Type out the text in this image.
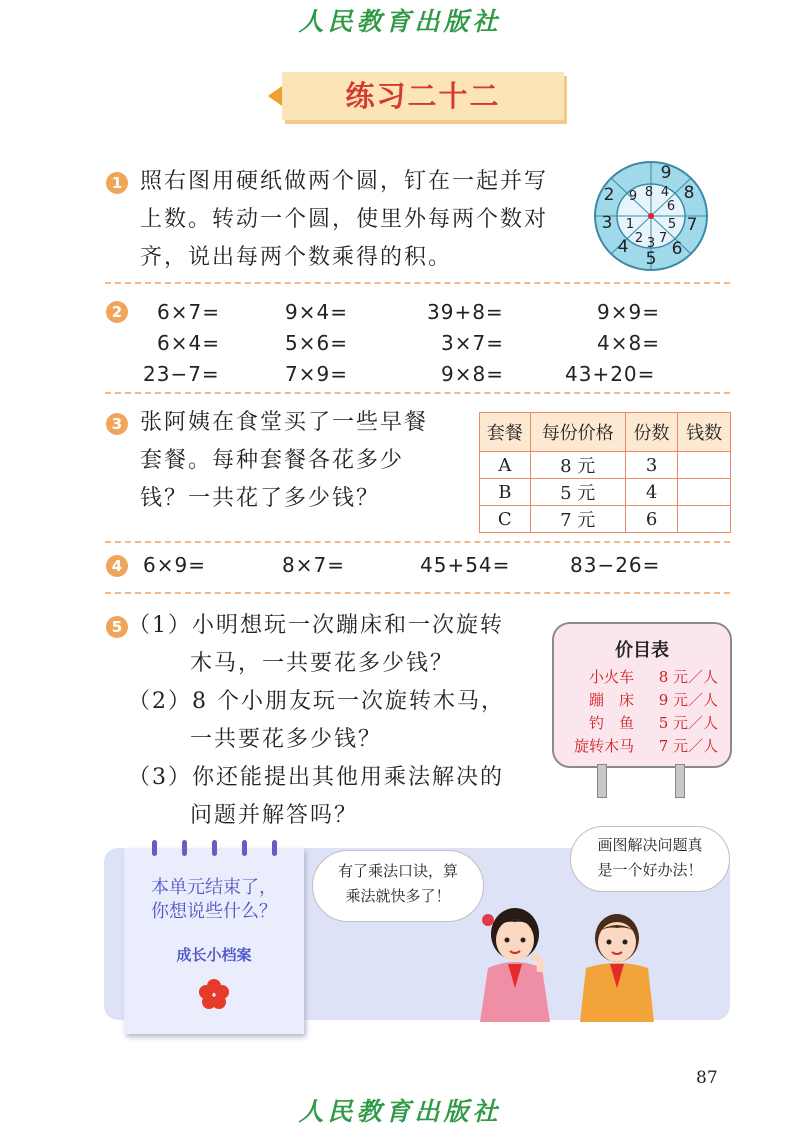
人民教育出版社
练习二十二
1 照右图用硬纸做两个圆，钉在一起并写
上数。转动一个圆，使里外每两个数对
齐，说出每两个数乘得的积。
9
8
7
6
5
4
3
2
6
5
7
3
2
1
9 8 4
2 6×7=	9×4=	39+8=	9×9=
6×4=	5×6=	3×7=	4×8=
23−7=	7×9=	9×8=	43+20=
3 张阿姨在食堂买了一些早餐
套餐。每种套餐各花多少
钱？一共花了多少钱？
套餐	每份价格	份数	钱数
A	8 元	3	
B	5 元	4	
C	7 元	6	
4 6×9=	8×7=	45+54=	83−26=
5 （1）小明想玩一次蹦床和一次旋转
木马，一共要花多少钱？
（2）8 个小朋友玩一次旋转木马，
一共要花多少钱？
（3）你还能提出其他用乘法解决的
问题并解答吗？
价目表
小火车 8 元／人
蹦　床 9 元／人
钓　鱼 5 元／人
旋转木马 7 元／人
本单元结束了，
你想说些什么？
成长小档案
有了乘法口诀，算
乘法就快多了！
画图解决问题真
是一个好办法！
87
人民教育出版社
